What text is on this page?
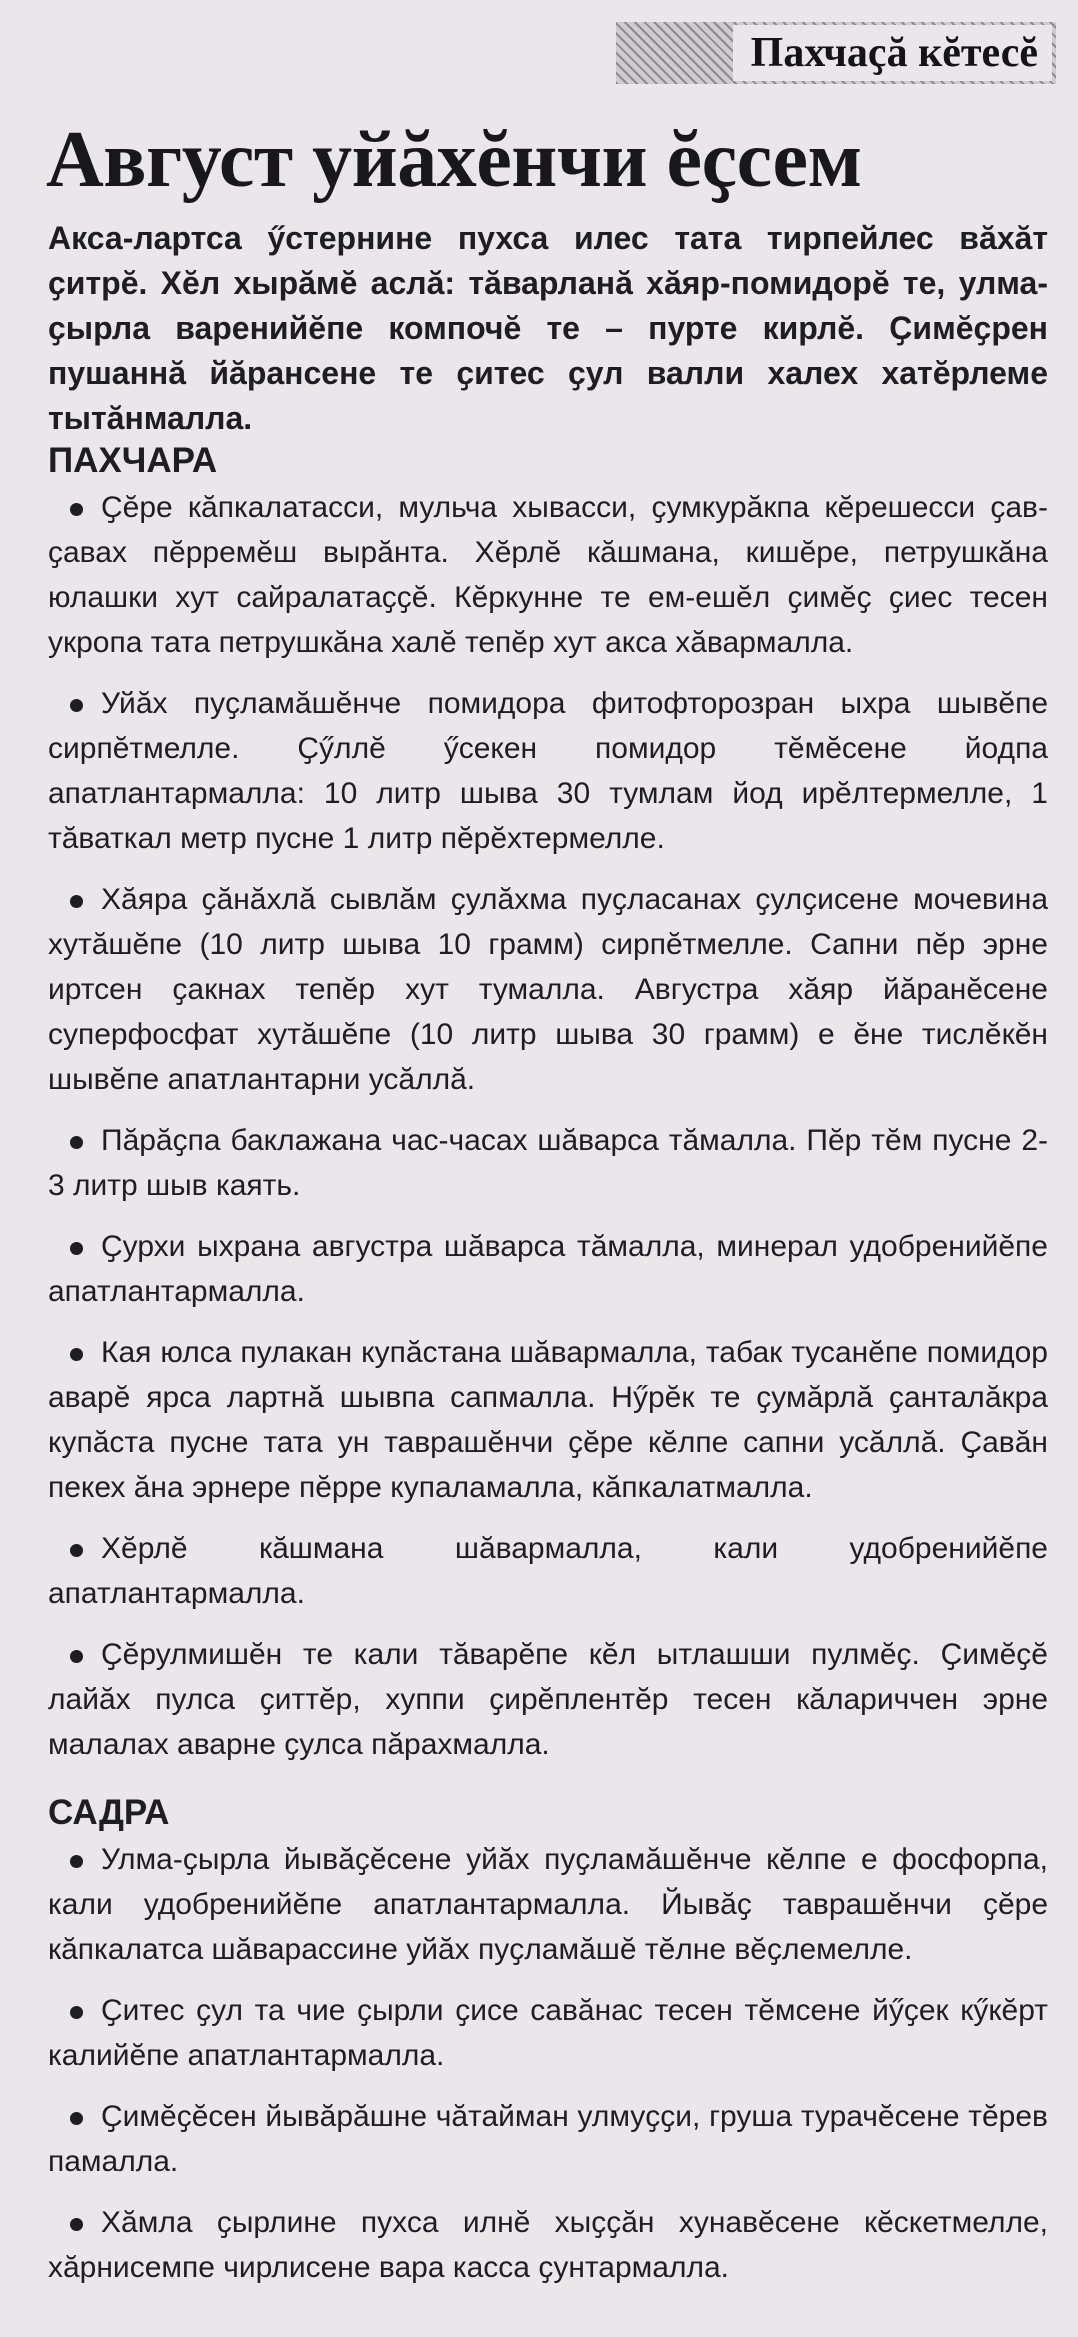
Пахчаҫă кĕтесĕ
Август уйăхĕнчи ĕҫсем

Акса-лартса ӳстернине пухса илес тата тирпейлес вăхăт ҫитрĕ. Хĕл хырăмĕ аслă: тăварланă хăяр-помидорĕ те, улма-ҫырла варенийĕпе компочĕ те – пурте кирлĕ. Ҫимĕҫрен пушаннă йăрансене те ҫитес ҫул валли халех хатĕрлеме тытăнмалла.

ПАХЧАРА
Ҫĕре кăпкалатасси, мульча хывасси, ҫумкурăкпа кĕрешесси ҫав-ҫавах пĕрремĕш вырăнта. Хĕрлĕ кăшмана, кишĕре, петрушкăна юлашки хут сайралатаҫҫĕ. Кĕркунне те ем-ешĕл ҫимĕҫ ҫиес тесен укропа тата петрушкăна халĕ тепĕр хут акса хăвармалла.
Уйăх пуҫламăшĕнче помидора фитофторозран ыхра шывĕпе сирпĕтмелле. Ҫӳллĕ ӳсекен помидор тĕмĕсене йодпа апатлантармалла: 10 литр шыва 30 тумлам йод ирĕлтермелле, 1 тăваткал метр пусне 1 литр пĕрĕхтермелле.
Хăяра ҫăнăхлă сывлăм ҫулăхма пуҫласанах ҫулҫисене мочевина хутăшĕпе (10 литр шыва 10 грамм) сирпĕтмелле. Сапни пĕр эрне иртсен ҫакнах тепĕр хут тумалла. Августра хăяр йăранĕсене суперфосфат хутăшĕпе (10 литр шыва 30 грамм) е ĕне тислĕкĕн шывĕпе апатлантарни усăллă.
Пăрăҫпа баклажана час-часах шăварса тăмалла. Пĕр тĕм пусне 2-3 литр шыв каять.
Ҫурхи ыхрана августра шăварса тăмалла, минерал удобренийĕпе апатлантармалла.
Кая юлса пулакан купăстана шăвармалла, табак тусанĕпе помидор аварĕ ярса лартнă шывпа сапмалла. Нӳрĕк те ҫумăрлă ҫанталăкра купăста пусне тата ун таврашĕнчи ҫĕре кĕлпе сапни усăллă. Ҫавăн пекех ăна эрнере пĕрре купаламалла, кăпкалатмалла.
Хĕрлĕ кăшмана шăвармалла, кали удобренийĕпе апатлантармалла.
Ҫĕрулмишĕн те кали тăварĕпе кĕл ытлашши пулмĕҫ. Ҫимĕҫĕ лайăх пулса ҫиттĕр, хуппи ҫирĕплентĕр тесен кăлариччен эрне малалах аварне ҫулса пăрахмалла.
САДРА
Улма-ҫырла йывăҫĕсене уйăх пуҫламăшĕнче кĕлпе е фосфорпа, кали удобренийĕпе апатлантармалла. Йывăҫ таврашĕнчи ҫĕре кăпкалатса шăварассине уйăх пуҫламăшĕ тĕлне вĕҫлемелле.
Ҫитес ҫул та чие ҫырли ҫисе савăнас тесен тĕмсене йӳҫек кӳкĕрт калийĕпе апатлантармалла.
Ҫимĕҫĕсен йывăрăшне чăтайман улмуҫҫи, груша турачĕсене тĕрев памалла.
Хăмла ҫырлине пухса илнĕ хыҫҫăн хунавĕсене кĕскетмелле, хăрнисемпе чирлисене вара касса ҫунтармалла.
